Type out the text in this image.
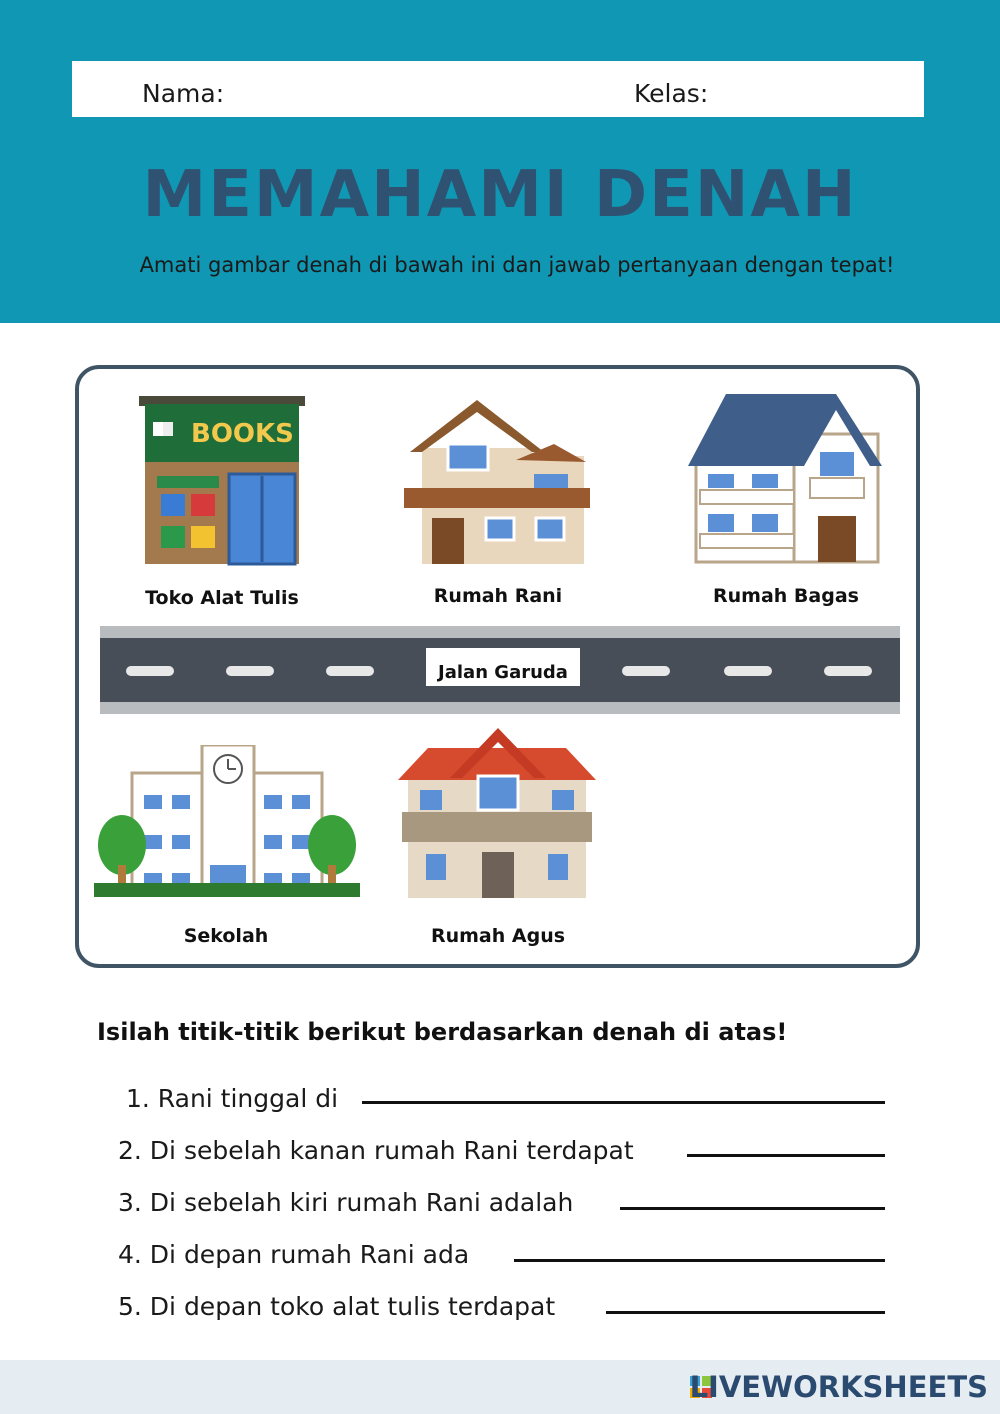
Nama:	Kelas:
MEMAHAMI DENAH
Amati gambar denah di bawah ini dan jawab pertanyaan dengan tepat!
BOOKS
Toko Alat Tulis	Rumah Rani	Rumah Bagas
Jalan Garuda
Sekolah	Rumah Agus
Isilah titik-titik berikut berdasarkan denah di atas!
1. Rani tinggal di
2. Di sebelah kanan rumah Rani terdapat
3. Di sebelah kiri rumah Rani adalah
4. Di depan rumah Rani ada
5. Di depan toko alat tulis terdapat
LIVEWORKSHEETS
